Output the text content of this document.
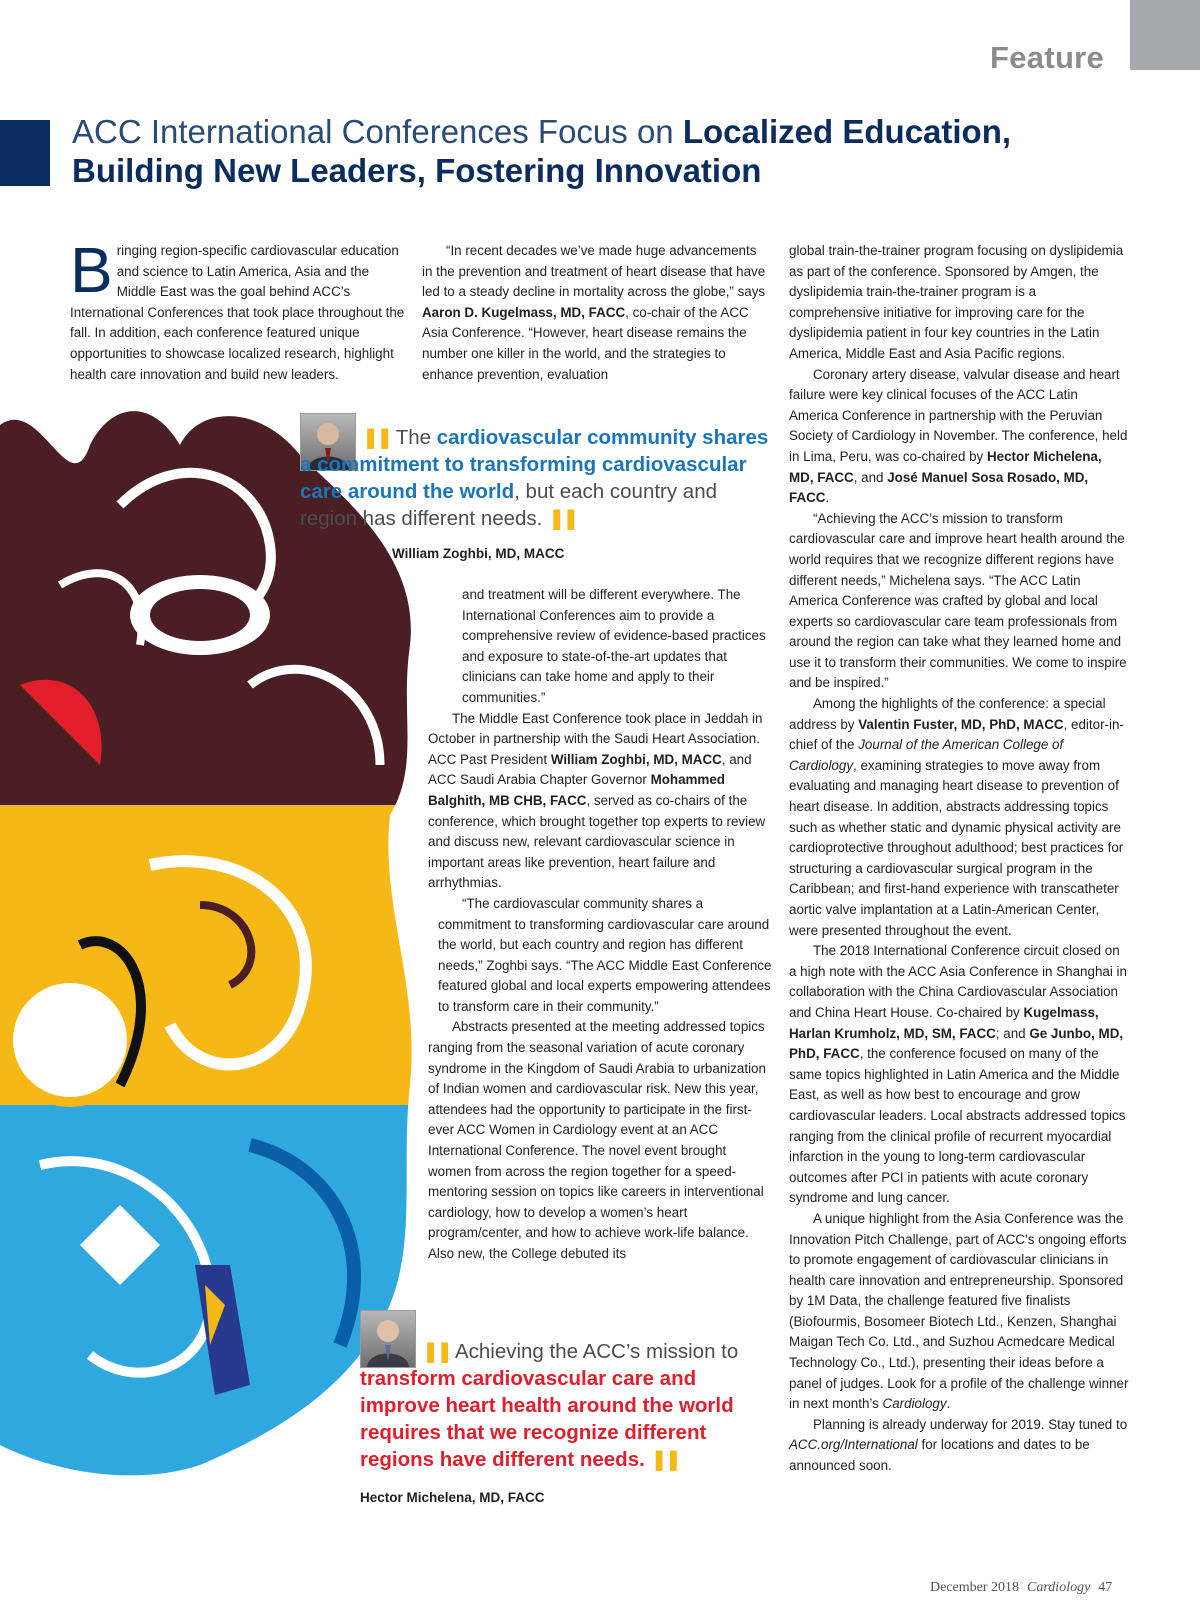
Feature
ACC International Conferences Focus on Localized Education,
Building New Leaders, Fostering Innovation
Bringing region-specific cardiovascular education and science to Latin America, Asia and the Middle East was the goal behind ACC’s International Conferences that took place throughout the fall. In addition, each conference featured unique opportunities to showcase localized research, highlight health care innovation and build new leaders.

“In recent decades we’ve made huge advancements in the prevention and treatment of heart disease that have led to a steady decline in mortality across the globe,” says Aaron D. Kugelmass, MD, FACC, co-chair of the ACC Asia Conference. “However, heart disease remains the number one killer in the world, and the strategies to enhance prevention, evaluation

❚❚ The cardiovascular community shares a commitment to transforming cardiovascular care around the world, but each country and region has different needs. ❚❚
William Zoghbi, MD, MACC

and treatment will be different everywhere. The International Conferences aim to provide a comprehensive review of evidence-based practices and exposure to state-of-the-art updates that clinicians can take home and apply to their communities.”

The Middle East Conference took place in Jeddah in October in partnership with the Saudi Heart Association. ACC Past President William Zoghbi, MD, MACC, and ACC Saudi Arabia Chapter Governor Mohammed Balghith, MB CHB, FACC, served as co-chairs of the conference, which brought together top experts to review and discuss new, relevant cardiovascular science in important areas like prevention, heart failure and arrhythmias.

“The cardiovascular community shares a commitment to transforming cardiovascular care around the world, but each country and region has different needs,” Zoghbi says. “The ACC Middle East Conference featured global and local experts empowering attendees to transform care in their community.”

Abstracts presented at the meeting addressed topics ranging from the seasonal variation of acute coronary syndrome in the Kingdom of Saudi Arabia to urbanization of Indian women and cardiovascular risk. New this year, attendees had the opportunity to participate in the first-ever ACC Women in Cardiology event at an ACC International Conference. The novel event brought women from across the region together for a speed-mentoring session on topics like careers in interventional cardiology, how to develop a women’s heart program/center, and how to achieve work-life balance. Also new, the College debuted its

❚❚ Achieving the ACC’s mission to transform cardiovascular care and improve heart health around the world requires that we recognize different regions have different needs. ❚❚
Hector Michelena, MD, FACC

global train-the-trainer program focusing on dyslipidemia as part of the conference. Sponsored by Amgen, the dyslipidemia train-the-trainer program is a comprehensive initiative for improving care for the dyslipidemia patient in four key countries in the Latin America, Middle East and Asia Pacific regions.

Coronary artery disease, valvular disease and heart failure were key clinical focuses of the ACC Latin America Conference in partnership with the Peruvian Society of Cardiology in November. The conference, held in Lima, Peru, was co-chaired by Hector Michelena, MD, FACC, and José Manuel Sosa Rosado, MD, FACC.

“Achieving the ACC’s mission to transform cardiovascular care and improve heart health around the world requires that we recognize different regions have different needs,” Michelena says. “The ACC Latin America Conference was crafted by global and local experts so cardiovascular care team professionals from around the region can take what they learned home and use it to transform their communities. We come to inspire and be inspired.”

Among the highlights of the conference: a special address by Valentin Fuster, MD, PhD, MACC, editor-in-chief of the Journal of the American College of Cardiology, examining strategies to move away from evaluating and managing heart disease to prevention of heart disease. In addition, abstracts addressing topics such as whether static and dynamic physical activity are cardioprotective throughout adulthood; best practices for structuring a cardiovascular surgical program in the Caribbean; and first-hand experience with transcatheter aortic valve implantation at a Latin-American Center, were presented throughout the event.

The 2018 International Conference circuit closed on a high note with the ACC Asia Conference in Shanghai in collaboration with the China Cardiovascular Association and China Heart House. Co-chaired by Kugelmass, Harlan Krumholz, MD, SM, FACC; and Ge Junbo, MD, PhD, FACC, the conference focused on many of the same topics highlighted in Latin America and the Middle East, as well as how best to encourage and grow cardiovascular leaders. Local abstracts addressed topics ranging from the clinical profile of recurrent myocardial infarction in the young to long-term cardiovascular outcomes after PCI in patients with acute coronary syndrome and lung cancer.

A unique highlight from the Asia Conference was the Innovation Pitch Challenge, part of ACC’s ongoing efforts to promote engagement of cardiovascular clinicians in health care innovation and entrepreneurship. Sponsored by 1M Data, the challenge featured five finalists (Biofourmis, Bosomeer Biotech Ltd., Kenzen, Shanghai Maigan Tech Co. Ltd., and Suzhou Acmedcare Medical Technology Co., Ltd.), presenting their ideas before a panel of judges. Look for a profile of the challenge winner in next month’s Cardiology.

Planning is already underway for 2019. Stay tuned to ACC.org/International for locations and dates to be announced soon.

December 2018 Cardiology 47
